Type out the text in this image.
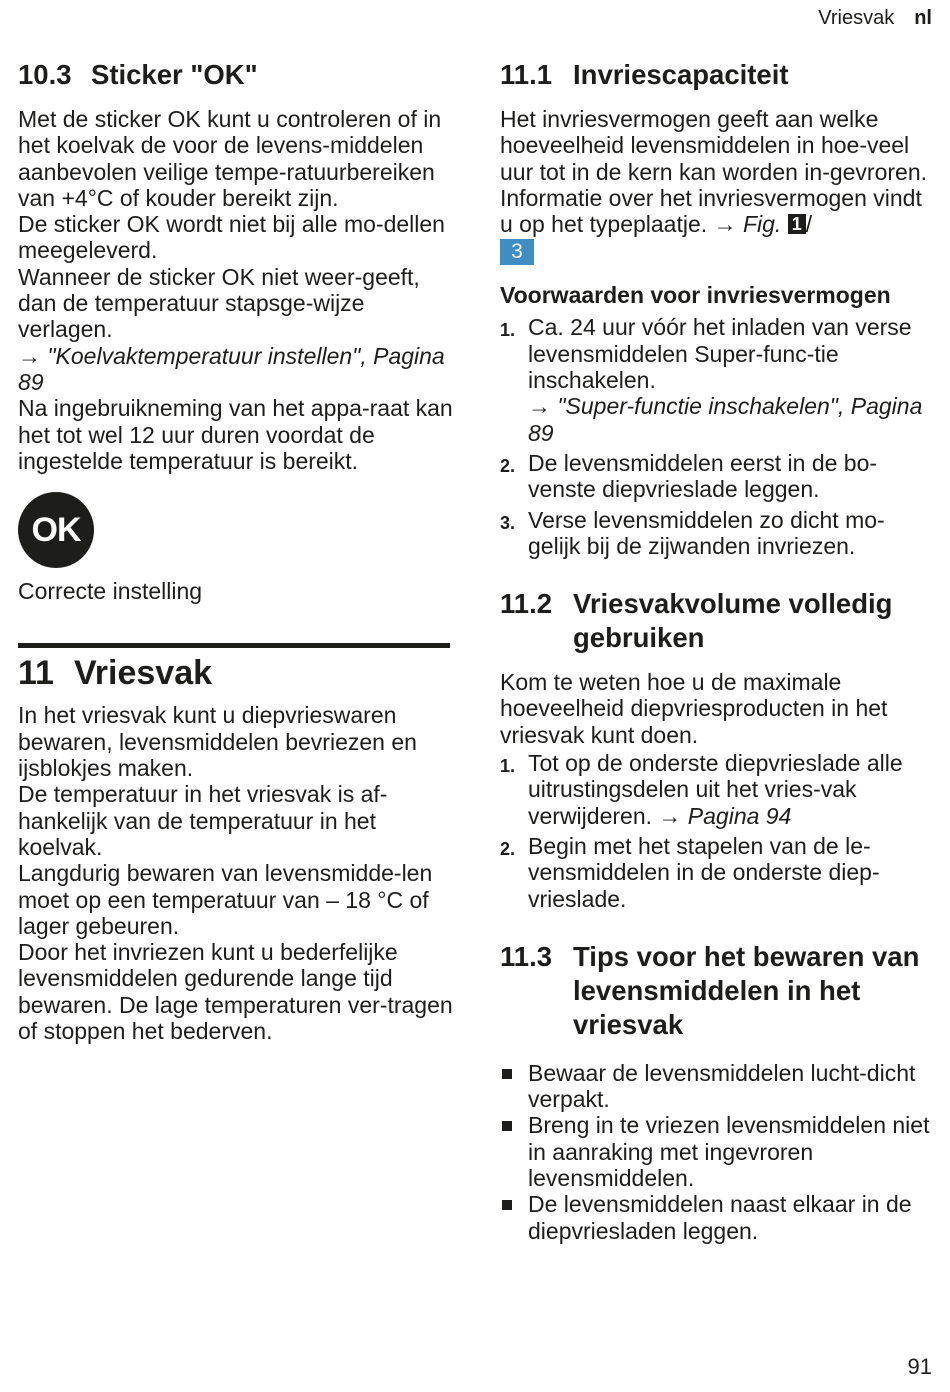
Vriesvak nl
10.3 Sticker "OK"

Met de sticker OK kunt u controleren of in het koelvak de voor de levens-middelen aanbevolen veilige tempe-ratuurbereiken van +4°C of kouder bereikt zijn.

De sticker OK wordt niet bij alle mo-dellen meegeleverd.

Wanneer de sticker OK niet weer-geeft, dan de temperatuur stapsge-wijze verlagen.

→ "Koelvaktemperatuur instellen", Pagina 89

Na ingebruikneming van het appa-raat kan het tot wel 12 uur duren voordat de ingestelde temperatuur is bereikt.

OK

Correcte instelling

11 Vriesvak

In het vriesvak kunt u diepvrieswaren bewaren, levensmiddelen bevriezen en ijsblokjes maken.

De temperatuur in het vriesvak is af-hankelijk van de temperatuur in het koelvak.

Langdurig bewaren van levensmidde-len moet op een temperatuur van – 18 °C of lager gebeuren.

Door het invriezen kunt u bederfelijke levensmiddelen gedurende lange tijd bewaren. De lage temperaturen ver-tragen of stoppen het bederven.

11.1 Invriescapaciteit

Het invriesvermogen geeft aan welke hoeveelheid levensmiddelen in hoe-veel uur tot in de kern kan worden in-gevroren.

Informatie over het invriesvermogen vindt u op het typeplaatje. → Fig. 1 /
3

Voorwaarden voor invriesvermogen

1. Ca. 24 uur vóór het inladen van verse levensmiddelen Super-func-tie inschakelen.
→ "Super-functie inschakelen", Pagina 89
2. De levensmiddelen eerst in de bo-venste diepvrieslade leggen.
3. Verse levensmiddelen zo dicht mo-gelijk bij de zijwanden invriezen.
11.2 Vriesvakvolume volledig gebruiken

Kom te weten hoe u de maximale hoeveelheid diepvriesproducten in het vriesvak kunt doen.

1. Tot op de onderste diepvrieslade alle uitrustingsdelen uit het vries-vak verwijderen. → Pagina 94
2. Begin met het stapelen van de le-vensmiddelen in de onderste diep-vrieslade.
11.3 Tips voor het bewaren van levensmiddelen in het vriesvak
Bewaar de levensmiddelen lucht-dicht verpakt.
Breng in te vriezen levensmiddelen niet in aanraking met ingevroren levensmiddelen.
De levensmiddelen naast elkaar in de diepvriesladen leggen.
91
